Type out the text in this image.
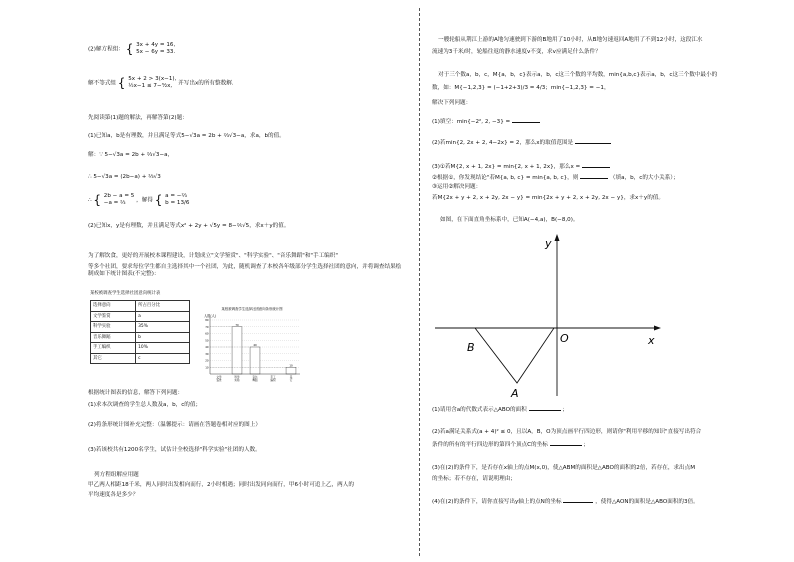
(2)解方程组： { 3x + 4y = 16,
5x − 6y = 33.
解不等式组 { 5x + 2 > 3(x−1),
½x−1 ≤ 7−³⁄₂x, 并写出x的所有整数解.
先阅读第(1)题的解法，再解答第(2)题：
(1)已知a，b是有理数，并且满足等式5−√3a = 2b + ⅔√3−a，求a，b的值。
解：∵ 5−√3a = 2b + ⅔√3−a，
∴ 5−√3a = (2b−a) + ⅔√3
∴ { 2b − a = 5
−a = ⅔ ，解得 { a = −⅔
b = 13/6
(2)已知x，y是有理数，并且满足等式x² + 2y + √5y = 8−⅖√5，求x＋y的值。
为了解饮食，更好的开展校本课程建设，计划成立"文学鉴赏"、"科学实验"、"音乐舞蹈"和"手工编织"
等多个社团，要求每位学生都自主选择其中一个社团，为此，随机调查了本校各年级部分学生选择社团的意向，并将调查结果绘制成如下统计图表(不完整)：
某校被调查学生选择社团意向统计表
选择意向	所占百分比
文学鉴赏	a
科学实验	35%
音乐舞蹈	b
手工编织	10%
其它	c
某校被调查学生选择社团意向条形统计图
人数(人)
70
40
10
10
20
30
40
50
60
70
80
文学鉴赏
科学实验
音乐舞蹈
手工编织
其它
根据统计图表的信息，解答下列问题：
(1)求本次调查的学生总人数及a，b，c的值；
(2)将条形统计图补充完整：（温馨提示：请画在答题卷相对应的图上）
(3)若该校共有1200名学生，试估计全校选择"科学实验"社团的人数。
列方程组解应用题
甲乙两人相距18千米，两人同时出发相向而行，2小时相遇；同时出发同向而行，甲6小时可追上乙，两人的
平均速度各是多少？
一艘轮船从荆江上游的A地匀速驶到下游的B地用了10小时，从B地匀速返回A地用了不到12小时，这段江水
流速为3千米/时，轮船往返的静水速度v不变，求v应满足什么条件？
对于三个数a，b，c，M{a，b，c}表示a，b，c这三个数的平均数，min{a,b,c}表示a，b，c这三个数中最小的
数，如：M{−1,2,3} = (−1+2+3)/3 = 4/3；min{−1,2,3} = −1，
解决下列问题：
(1)填空：min{−2², 2, −3} =
(2)若min{2, 2x + 2, 4−2x} = 2，那么x的取值范围是
(3)①若M{2, x + 1, 2x} = min{2, x + 1, 2x}，那么x =
②根据①，你发现结论"若M{a, b, c} = min{a, b, c}，则	（填a，b，c的大小关系）；
③运用②解决问题：
若M{2x + y + 2, x + 2y, 2x − y} = min{2x + y + 2, x + 2y, 2x − y}，求x＋y的值。
如图，在下面直角坐标系中，已知A(−4,a)，B(−8,0)。
x
y
O
B
A
(1)请用含a的代数式表示△ABO的面积	；
(2)若a满足关系式(a + 4)² ≤ 0，且以A，B，O为顶点画平行四边形，则请你"利用平移的知识"直接写出符合
条件的所有的平行四边形的第四个顶点C的坐标	；
(3)在(2)的条件下，是否存在x轴上的点M(x,0)，使△ABM的面积是△ABO的面积的2倍，若存在，求出点M
的坐标；若不存在，请说明理由；
(4)在(2)的条件下，请你直接写出y轴上的点N的坐标	，使得△AON的面积是△ABO面积的3倍。
